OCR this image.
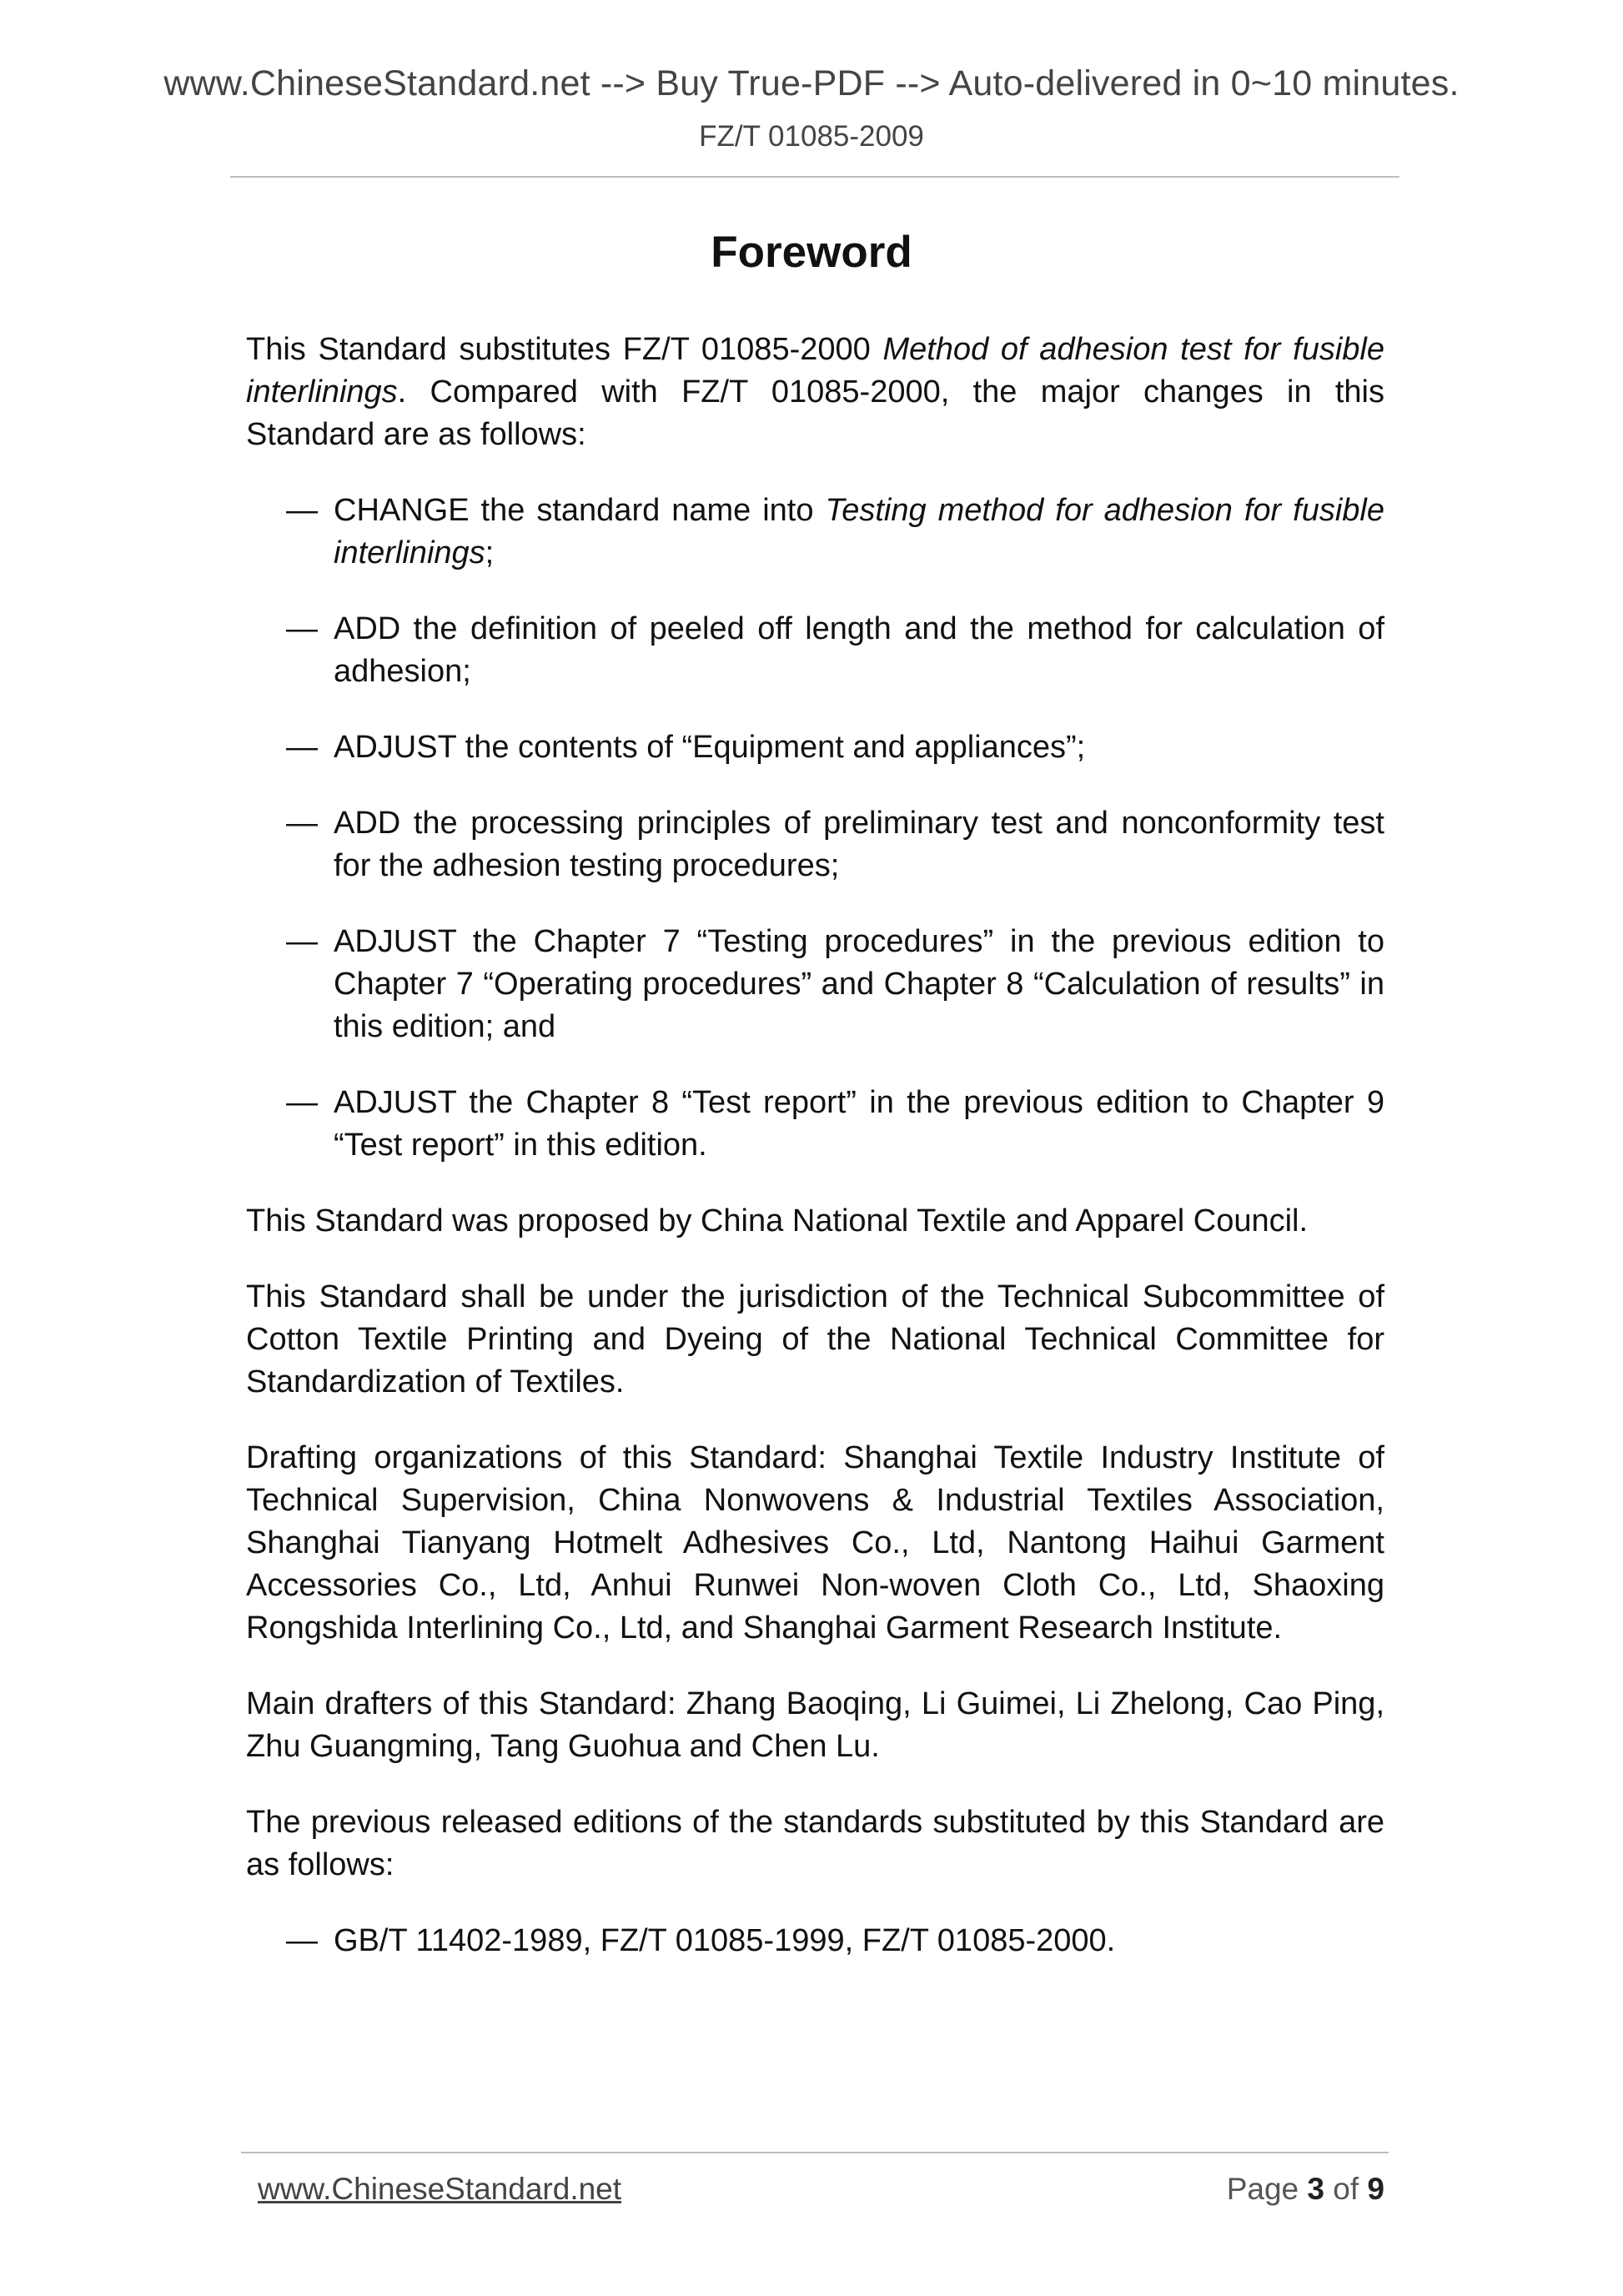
www.ChineseStandard.net --> Buy True-PDF --> Auto-delivered in 0~10 minutes.
FZ/T 01085-2009
Foreword

This Standard substitutes FZ/T 01085-2000 Method of adhesion test for fusible interlinings. Compared with FZ/T 01085-2000, the major changes in this Standard are as follows:

— CHANGE the standard name into Testing method for adhesion for fusible interlinings;
— ADD the definition of peeled off length and the method for calculation of adhesion;
— ADJUST the contents of “Equipment and appliances”;
— ADD the processing principles of preliminary test and nonconformity test for the adhesion testing procedures;
— ADJUST the Chapter 7 “Testing procedures” in the previous edition to Chapter 7 “Operating procedures” and Chapter 8 “Calculation of results” in this edition; and
— ADJUST the Chapter 8 “Test report” in the previous edition to Chapter 9 “Test report” in this edition.

This Standard was proposed by China National Textile and Apparel Council.

This Standard shall be under the jurisdiction of the Technical Subcommittee of Cotton Textile Printing and Dyeing of the National Technical Committee for Standardization of Textiles.

Drafting organizations of this Standard: Shanghai Textile Industry Institute of Technical Supervision, China Nonwovens & Industrial Textiles Association, Shanghai Tianyang Hotmelt Adhesives Co., Ltd, Nantong Haihui Garment Accessories Co., Ltd, Anhui Runwei Non-woven Cloth Co., Ltd, Shaoxing Rongshida Interlining Co., Ltd, and Shanghai Garment Research Institute.

Main drafters of this Standard: Zhang Baoqing, Li Guimei, Li Zhelong, Cao Ping, Zhu Guangming, Tang Guohua and Chen Lu.

The previous released editions of the standards substituted by this Standard are as follows:

— GB/T 11402-1989, FZ/T 01085-1999, FZ/T 01085-2000.
www.ChineseStandard.net	Page 3 of 9
